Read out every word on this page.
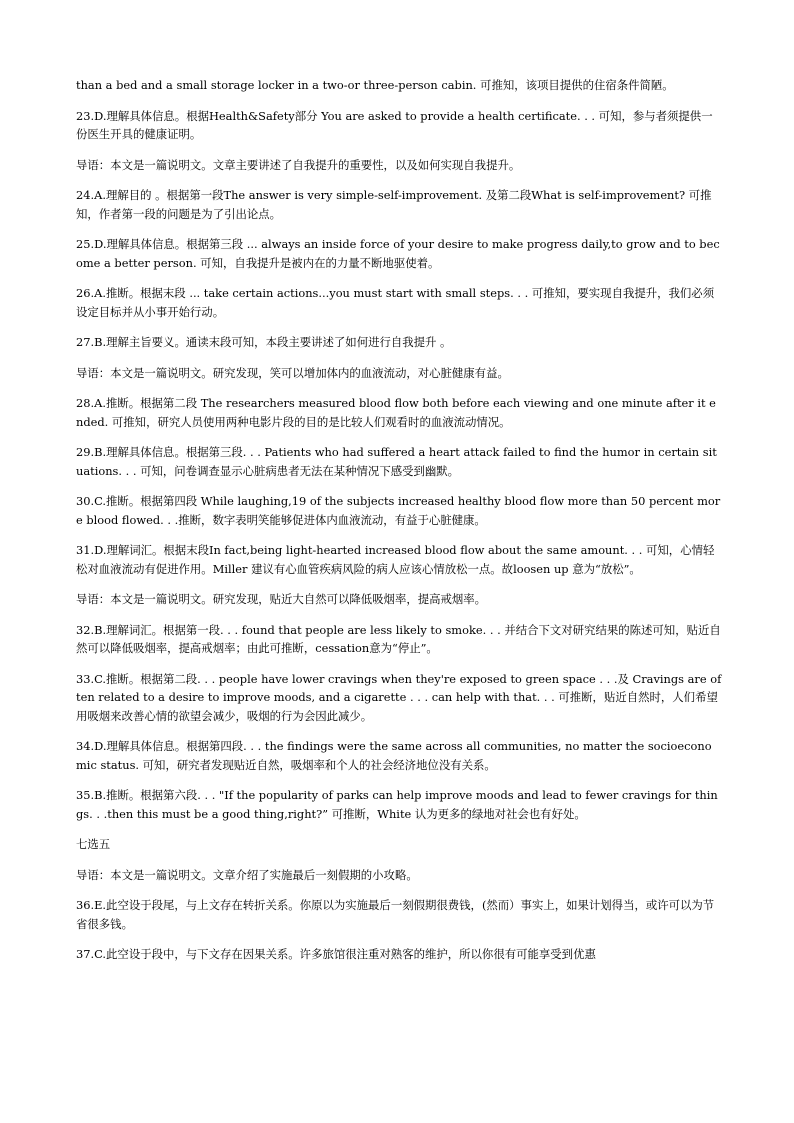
than a bed and a small storage locker in a two-or three-person cabin. 可推知，该项目提供的住宿条件简陋。

23.D.理解具体信息。根据Health&Safety部分 You are asked to provide a health certificate. . . 可知，参与者须提供一份医生开具的健康证明。

导语：本文是一篇说明文。文章主要讲述了自我提升的重要性，以及如何实现自我提升。

24.A.理解目的 。根据第一段The answer is very simple-self-improvement. 及第二段What is self-improvement? 可推知，作者第一段的问题是为了引出论点。

25.D.理解具体信息。根据第三段 ... always an inside force of your desire to make progress daily,to grow and to become a better person. 可知，自我提升是被内在的力量不断地驱使着。

26.A.推断。根据末段 ... take certain actions...you must start with small steps. . . 可推知，要实现自我提升，我们必须设定目标并从小事开始行动。

27.B.理解主旨要义。通读末段可知，本段主要讲述了如何进行自我提升 。

导语：本文是一篇说明文。研究发现，笑可以增加体内的血液流动，对心脏健康有益。

28.A.推断。根据第二段 The researchers measured blood flow both before each viewing and one minute after it ended. 可推知，研究人员使用两种电影片段的目的是比较人们观看时的血液流动情况。

29.B.理解具体信息。根据第三段. . . Patients who had suffered a heart attack failed to find the humor in certain situations. . . 可知，问卷调查显示心脏病患者无法在某种情况下感受到幽默。

30.C.推断。根据第四段 While laughing,19 of the subjects increased healthy blood flow more than 50 percent more blood flowed. . .推断，数字表明笑能够促进体内血液流动，有益于心脏健康。

31.D.理解词汇。根据末段In fact,being light-hearted increased blood flow about the same amount. . . 可知，心情轻松对血液流动有促进作用。Miller 建议有心血管疾病风险的病人应该心情放松一点。故loosen up 意为“放松”。

导语：本文是一篇说明文。研究发现，贴近大自然可以降低吸烟率，提高戒烟率。

32.B.理解词汇。根据第一段. . . found that people are less likely to smoke. . . 并结合下文对研究结果的陈述可知，贴近自然可以降低吸烟率，提高戒烟率；由此可推断，cessation意为“停止”。

33.C.推断。根据第二段. . . people have lower cravings when they're exposed to green space . . .及 Cravings are often related to a desire to improve moods, and a cigarette . . . can help with that. . . 可推断，贴近自然时，人们希望用吸烟来改善心情的欲望会减少，吸烟的行为会因此减少。

34.D.理解具体信息。根据第四段. . . the findings were the same across all communities, no matter the socioeconomic status. 可知，研究者发现贴近自然，吸烟率和个人的社会经济地位没有关系。

35.B.推断。根据第六段. . . "If the popularity of parks can help improve moods and lead to fewer cravings for things. . .then this must be a good thing,right?” 可推断，White 认为更多的绿地对社会也有好处。

七选五

导语：本文是一篇说明文。文章介绍了实施最后一刻假期的小攻略。

36.E.此空设于段尾，与上文存在转折关系。你原以为实施最后一刻假期很费钱，(然而）事实上，如果计划得当，或许可以为节省很多钱。

37.C.此空设于段中，与下文存在因果关系。许多旅馆很注重对熟客的维护，所以你很有可能享受到优惠
